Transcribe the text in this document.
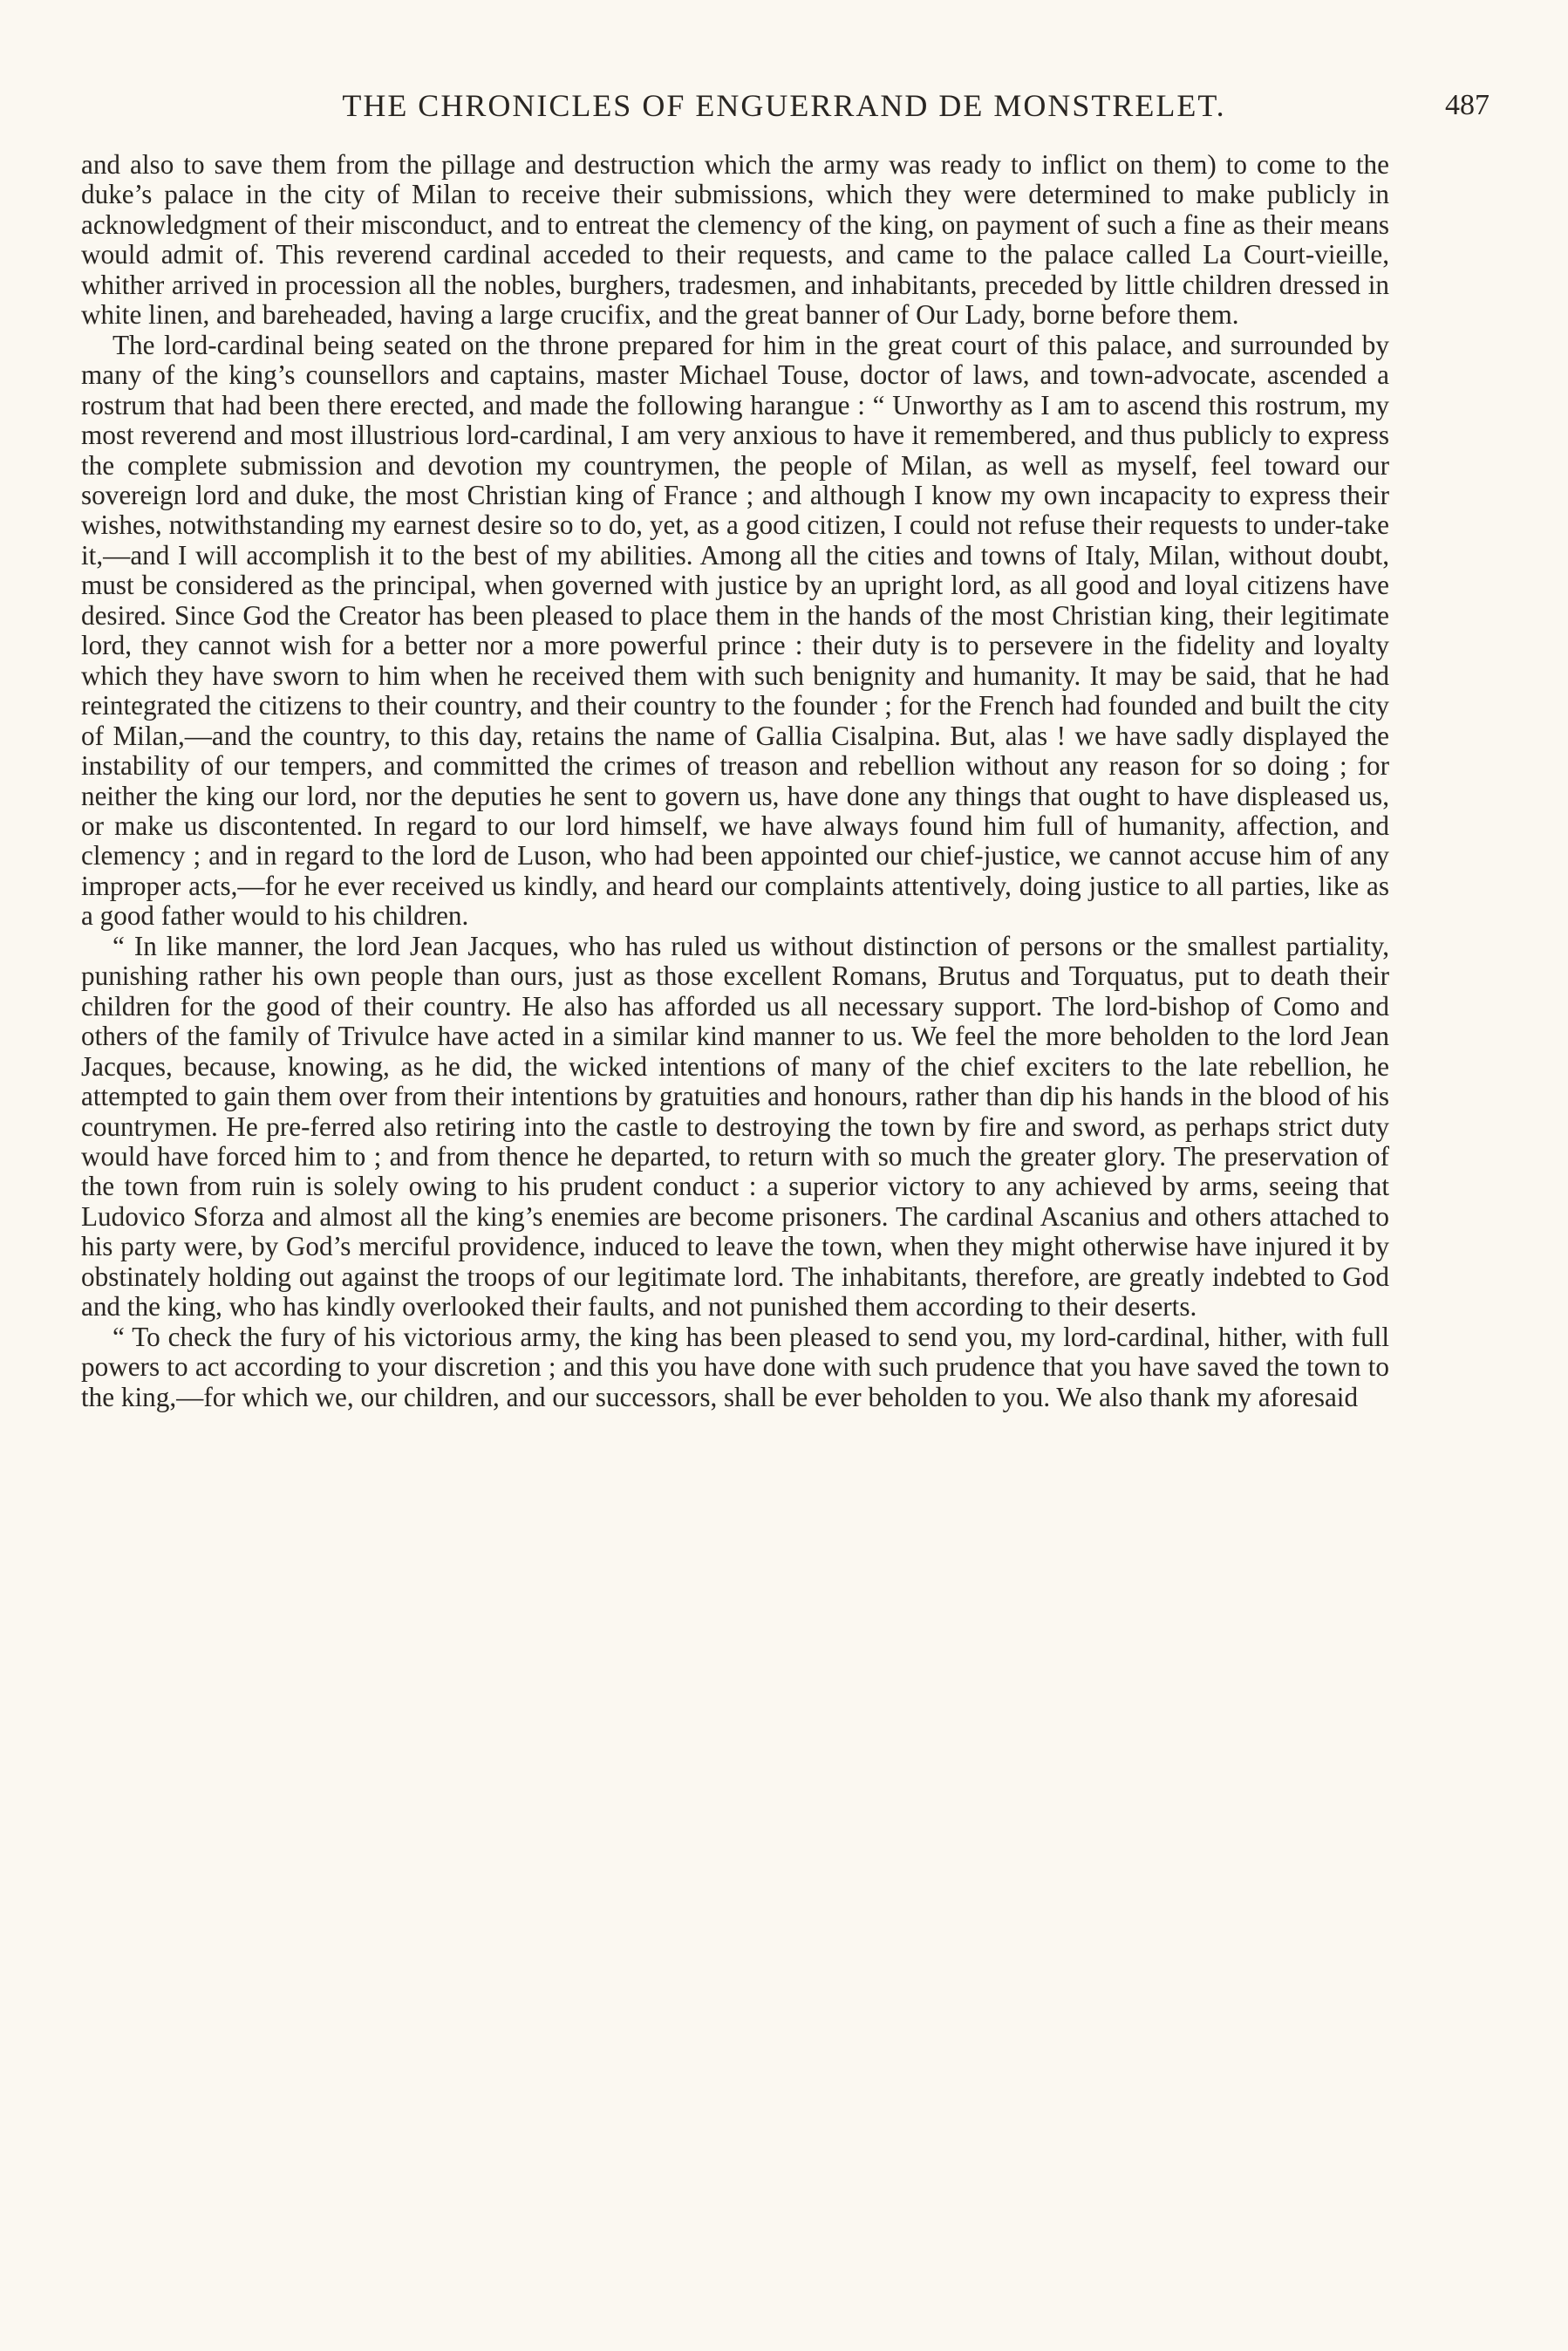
THE CHRONICLES OF ENGUERRAND DE MONSTRELET.	487

and also to save them from the pillage and destruction which the army was ready to inflict on them) to come to the duke’s palace in the city of Milan to receive their submissions, which they were determined to make publicly in acknowledgment of their misconduct, and to entreat the clemency of the king, on payment of such a fine as their means would admit of. This reverend cardinal acceded to their requests, and came to the palace called La Court-vieille, whither arrived in procession all the nobles, burghers, tradesmen, and inhabitants, preceded by little children dressed in white linen, and bareheaded, having a large crucifix, and the great banner of Our Lady, borne before them.

The lord-cardinal being seated on the throne prepared for him in the great court of this palace, and surrounded by many of the king’s counsellors and captains, master Michael Touse, doctor of laws, and town-advocate, ascended a rostrum that had been there erected, and made the following harangue : “ Unworthy as I am to ascend this rostrum, my most reverend and most illustrious lord-cardinal, I am very anxious to have it remembered, and thus publicly to express the complete submission and devotion my countrymen, the people of Milan, as well as myself, feel toward our sovereign lord and duke, the most Christian king of France ; and although I know my own incapacity to express their wishes, notwithstanding my earnest desire so to do, yet, as a good citizen, I could not refuse their requests to under-take it,—and I will accomplish it to the best of my abilities. Among all the cities and towns of Italy, Milan, without doubt, must be considered as the principal, when governed with justice by an upright lord, as all good and loyal citizens have desired. Since God the Creator has been pleased to place them in the hands of the most Christian king, their legitimate lord, they cannot wish for a better nor a more powerful prince : their duty is to persevere in the fidelity and loyalty which they have sworn to him when he received them with such benignity and humanity. It may be said, that he had reintegrated the citizens to their country, and their country to the founder ; for the French had founded and built the city of Milan,—and the country, to this day, retains the name of Gallia Cisalpina. But, alas ! we have sadly displayed the instability of our tempers, and committed the crimes of treason and rebellion without any reason for so doing ; for neither the king our lord, nor the deputies he sent to govern us, have done any things that ought to have displeased us, or make us discontented. In regard to our lord himself, we have always found him full of humanity, affection, and clemency ; and in regard to the lord de Luson, who had been appointed our chief-justice, we cannot accuse him of any improper acts,—for he ever received us kindly, and heard our complaints attentively, doing justice to all parties, like as a good father would to his children.

“ In like manner, the lord Jean Jacques, who has ruled us without distinction of persons or the smallest partiality, punishing rather his own people than ours, just as those excellent Romans, Brutus and Torquatus, put to death their children for the good of their country. He also has afforded us all necessary support. The lord-bishop of Como and others of the family of Trivulce have acted in a similar kind manner to us. We feel the more beholden to the lord Jean Jacques, because, knowing, as he did, the wicked intentions of many of the chief exciters to the late rebellion, he attempted to gain them over from their intentions by gratuities and honours, rather than dip his hands in the blood of his countrymen. He pre-ferred also retiring into the castle to destroying the town by fire and sword, as perhaps strict duty would have forced him to ; and from thence he departed, to return with so much the greater glory. The preservation of the town from ruin is solely owing to his prudent conduct : a superior victory to any achieved by arms, seeing that Ludovico Sforza and almost all the king’s enemies are become prisoners. The cardinal Ascanius and others attached to his party were, by God’s merciful providence, induced to leave the town, when they might otherwise have injured it by obstinately holding out against the troops of our legitimate lord. The inhabitants, therefore, are greatly indebted to God and the king, who has kindly overlooked their faults, and not punished them according to their deserts.

“ To check the fury of his victorious army, the king has been pleased to send you, my lord-cardinal, hither, with full powers to act according to your discretion ; and this you have done with such prudence that you have saved the town to the king,—for which we, our children, and our successors, shall be ever beholden to you. We also thank my aforesaid
